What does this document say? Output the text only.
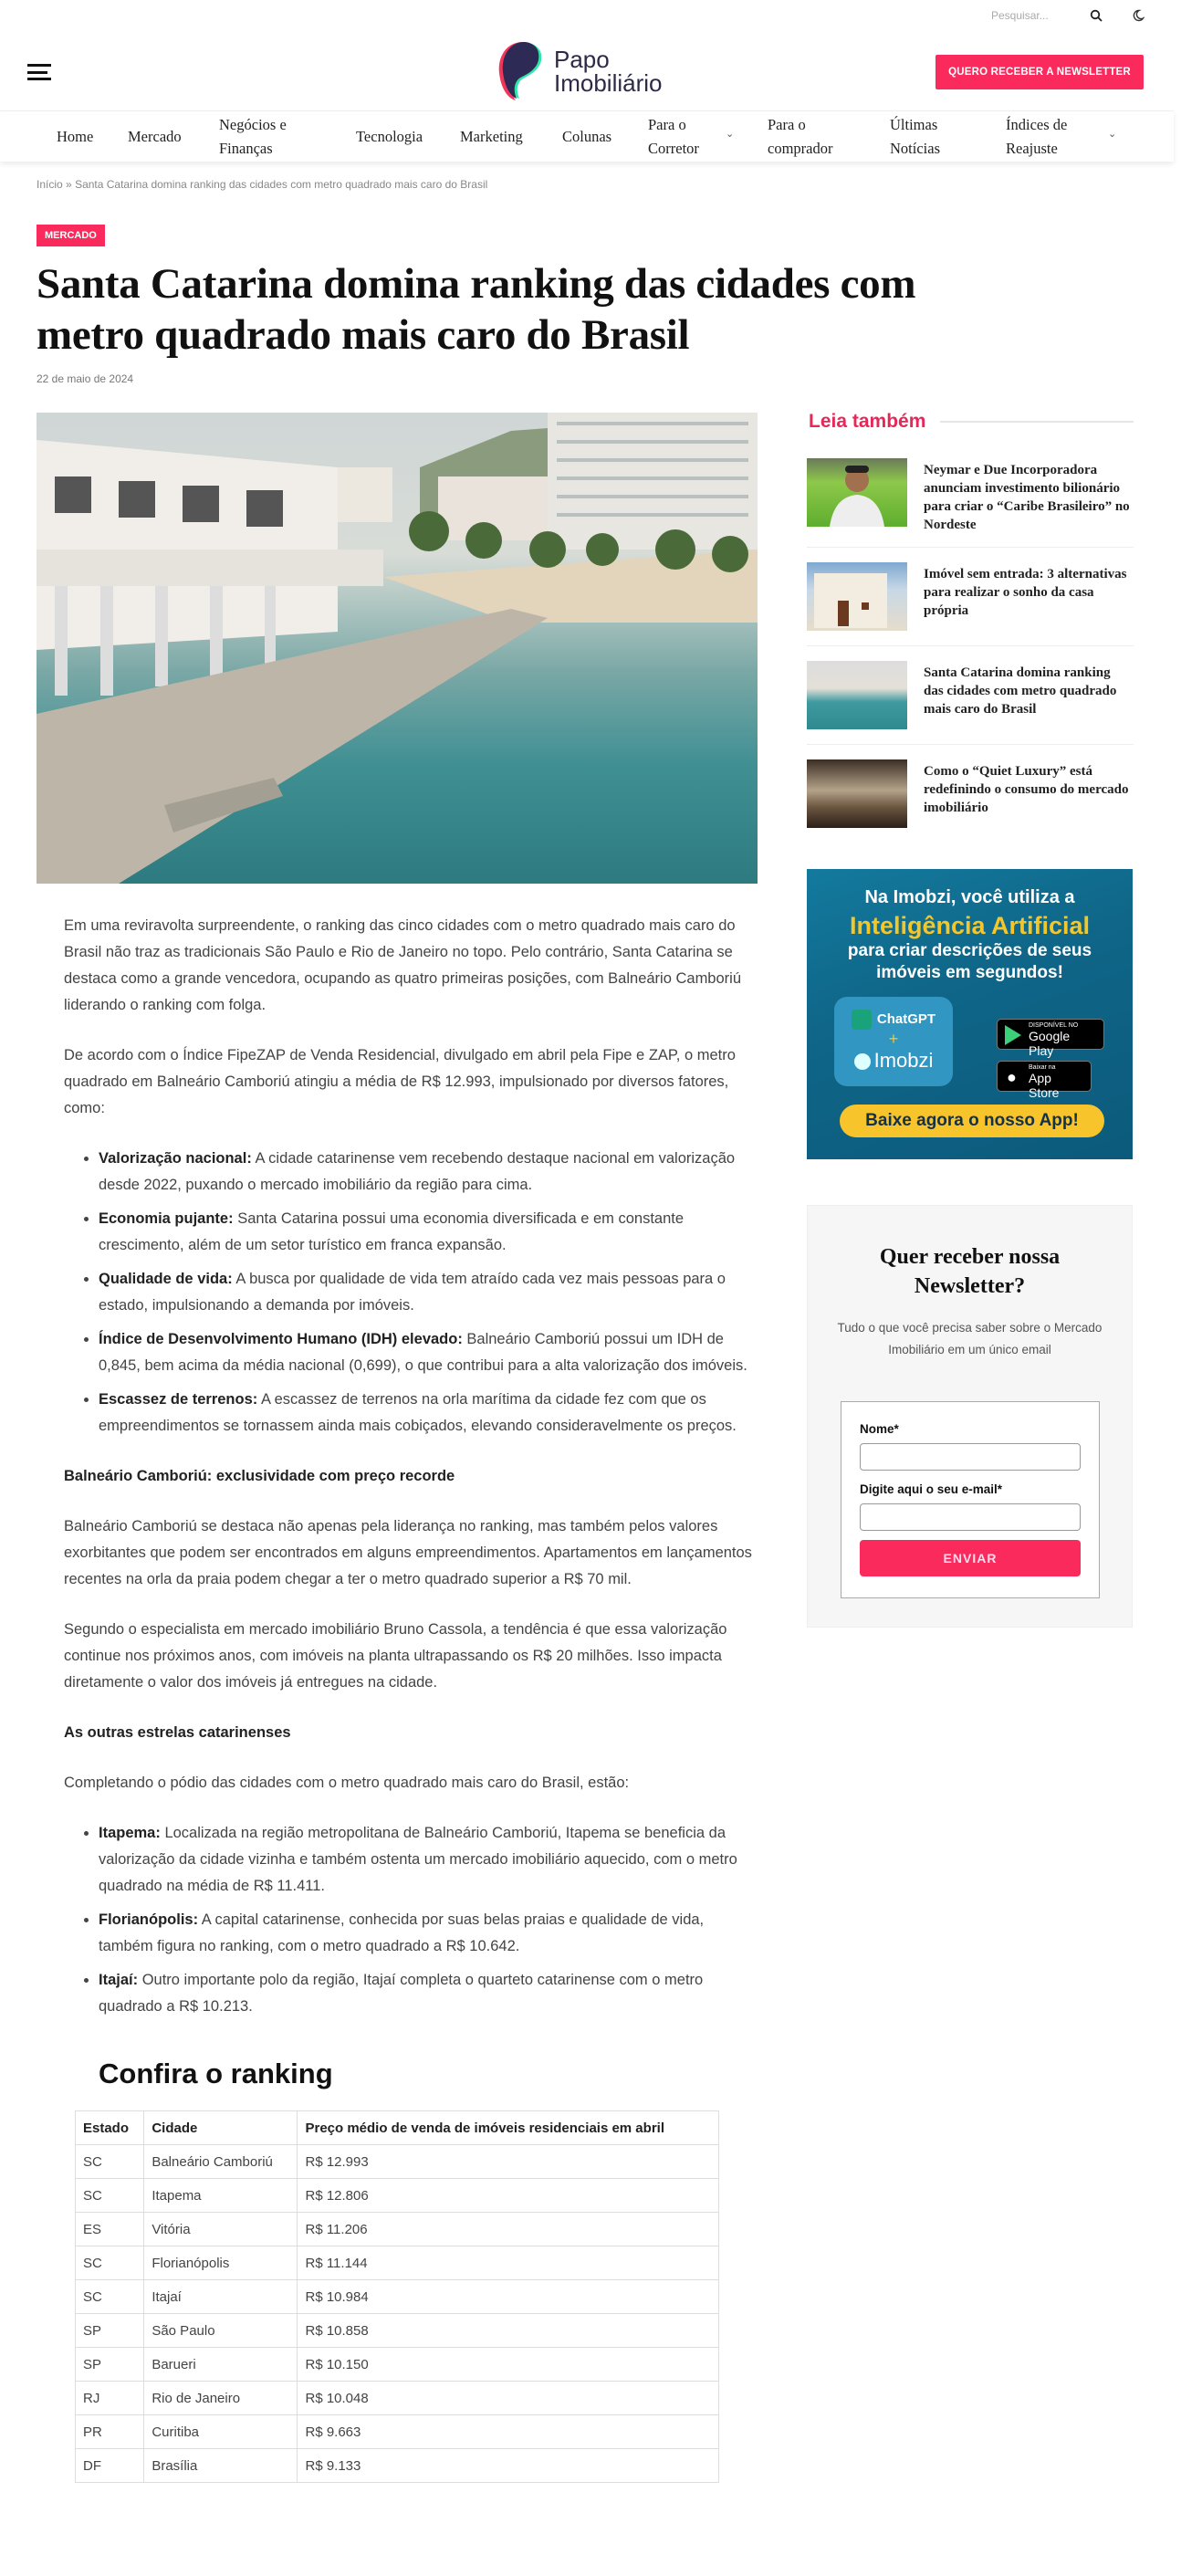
Pesquisar...
Papo
Imobiliário	QUERO RECEBER A NEWSLETTER
Home Mercado
Negócios e Finanças
Tecnologia Marketing	Colunas
Para o Corretor
⌄
Para o comprador
Últimas Notícias
Índices de Reajuste
⌄
Início » Santa Catarina domina ranking das cidades com metro quadrado mais caro do Brasil
MERCADO
Santa Catarina domina ranking das cidades com metro quadrado mais caro do Brasil
22 de maio de 2024

Em uma reviravolta surpreendente, o ranking das cinco cidades com o metro quadrado mais caro do Brasil não traz as tradicionais São Paulo e Rio de Janeiro no topo. Pelo contrário, Santa Catarina se destaca como a grande vencedora, ocupando as quatro primeiras posições, com Balneário Camboriú liderando o ranking com folga.

De acordo com o Índice FipeZAP de Venda Residencial, divulgado em abril pela Fipe e ZAP, o metro quadrado em Balneário Camboriú atingiu a média de R$ 12.993, impulsionado por diversos fatores, como:

• Valorização nacional: A cidade catarinense vem recebendo destaque nacional em valorização desde 2022, puxando o mercado imobiliário da região para cima.
• Economia pujante: Santa Catarina possui uma economia diversificada e em constante crescimento, além de um setor turístico em franca expansão.
• Qualidade de vida: A busca por qualidade de vida tem atraído cada vez mais pessoas para o estado, impulsionando a demanda por imóveis.
• Índice de Desenvolvimento Humano (IDH) elevado: Balneário Camboriú possui um IDH de 0,845, bem acima da média nacional (0,699), o que contribui para a alta valorização dos imóveis.
• Escassez de terrenos: A escassez de terrenos na orla marítima da cidade fez com que os empreendimentos se tornassem ainda mais cobiçados, elevando consideravelmente os preços.
Balneário Camboriú: exclusividade com preço recorde

Balneário Camboriú se destaca não apenas pela liderança no ranking, mas também pelos valores exorbitantes que podem ser encontrados em alguns empreendimentos. Apartamentos em lançamentos recentes na orla da praia podem chegar a ter o metro quadrado superior a R$ 70 mil.

Segundo o especialista em mercado imobiliário Bruno Cassola, a tendência é que essa valorização continue nos próximos anos, com imóveis na planta ultrapassando os R$ 20 milhões. Isso impacta diretamente o valor dos imóveis já entregues na cidade.

As outras estrelas catarinenses

Completando o pódio das cidades com o metro quadrado mais caro do Brasil, estão:

• Itapema: Localizada na região metropolitana de Balneário Camboriú, Itapema se beneficia da valorização da cidade vizinha e também ostenta um mercado imobiliário aquecido, com o metro quadrado na média de R$ 11.411.
• Florianópolis: A capital catarinense, conhecida por suas belas praias e qualidade de vida, também figura no ranking, com o metro quadrado a R$ 10.642.
• Itajaí: Outro importante polo da região, Itajaí completa o quarteto catarinense com o metro quadrado a R$ 10.213.
Confira o ranking
Estado	Cidade	Preço médio de venda de imóveis residenciais em abril
SC	Balneário Camboriú	R$ 12.993
SC	Itapema	R$ 12.806
ES	Vitória	R$ 11.206
SC	Florianópolis	R$ 11.144
SC	Itajaí	R$ 10.984
SP	São Paulo	R$ 10.858
SP	Barueri	R$ 10.150
RJ	Rio de Janeiro	R$ 10.048
PR	Curitiba	R$ 9.663
DF	Brasília	R$ 9.133
Leia também
Neymar e Due Incorporadora anunciam investimento bilionário para criar o “Caribe Brasileiro” no Nordeste
Imóvel sem entrada: 3 alternativas para realizar o sonho da casa própria
Santa Catarina domina ranking das cidades com metro quadrado mais caro do Brasil
Como o “Quiet Luxury” está redefinindo o consumo do mercado imobiliário
Na Imobzi, você utiliza a
Inteligência Artificial
para criar descrições de seus imóveis em segundos!
ChatGPT
+
Imobzi
DISPONÍVEL NO
Google Play
●
Baixar na
App Store
Baixe agora o nosso App!
Quer receber nossa Newsletter?

Tudo o que você precisa saber sobre o Mercado Imobiliário em um único email

Nome*
Digite aqui o seu e-mail*
ENVIAR
